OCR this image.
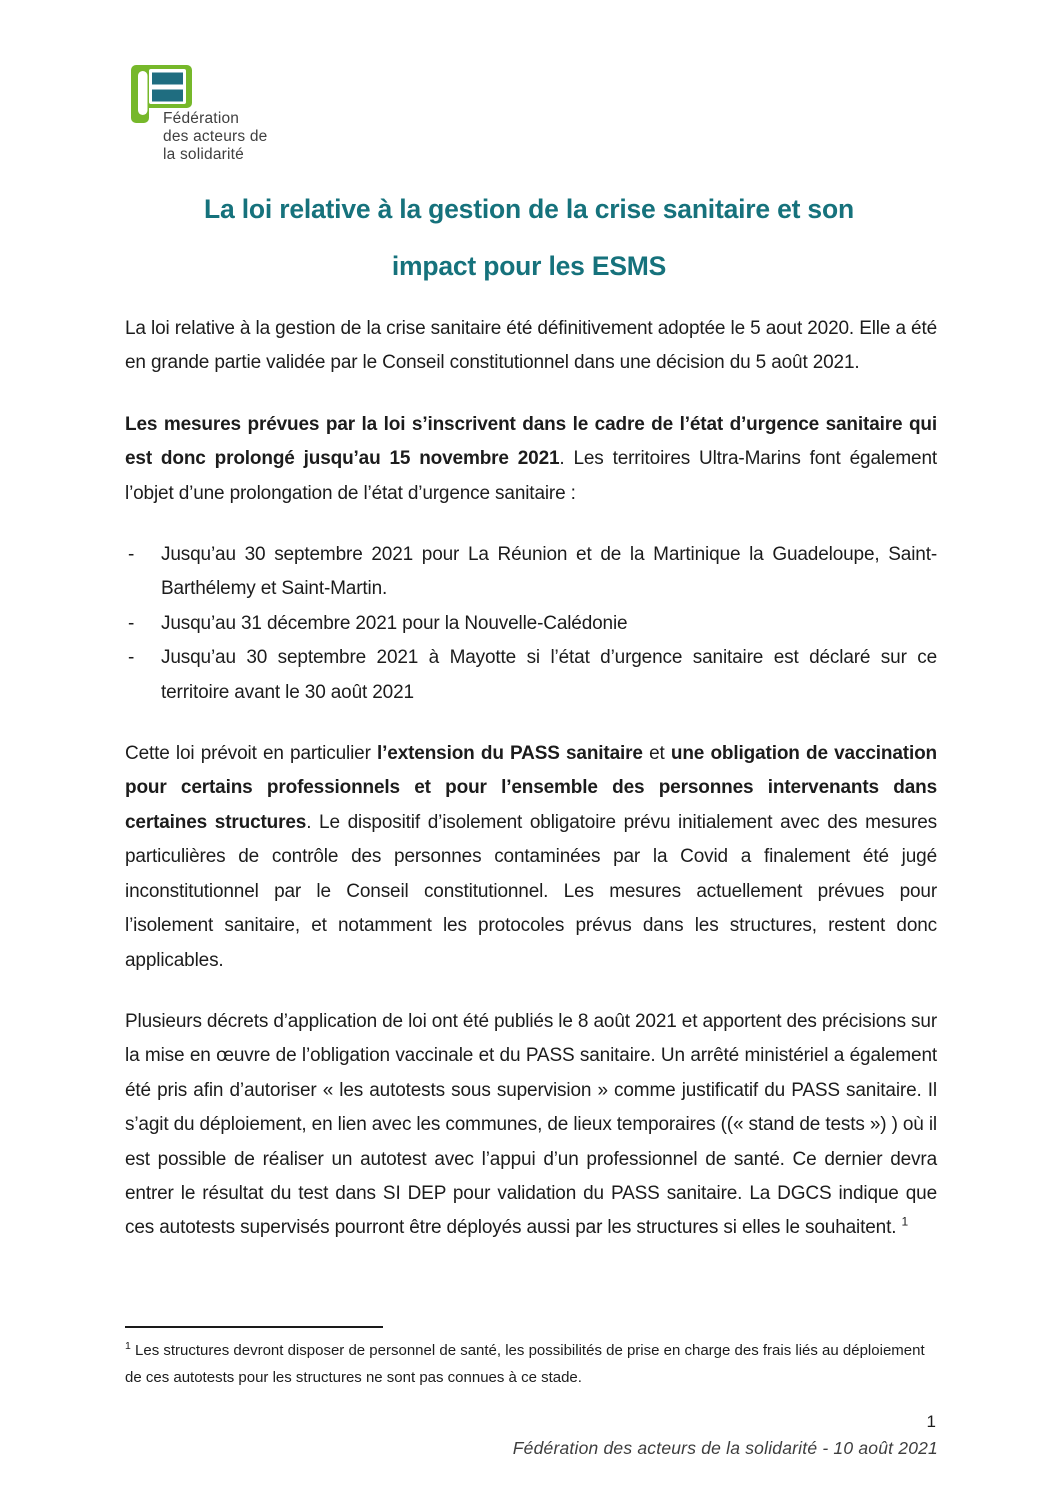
Fédération
des acteurs de
la solidarité
La loi relative à la gestion de la crise sanitaire et son
impact pour les ESMS

La loi relative à la gestion de la crise sanitaire été définitivement adoptée le 5 aout 2020. Elle a été en grande partie validée par le Conseil constitutionnel dans une décision du 5 août 2021.

Les mesures prévues par la loi s’inscrivent dans le cadre de l’état d’urgence sanitaire qui est donc prolongé jusqu’au 15 novembre 2021. Les territoires Ultra-Marins font également l’objet d’une prolongation de l’état d’urgence sanitaire :

- Jusqu’au 30 septembre 2021 pour La Réunion et de la Martinique la Guadeloupe, Saint-Barthélemy et Saint-Martin.
- Jusqu’au 31 décembre 2021 pour la Nouvelle-Calédonie
- Jusqu’au 30 septembre 2021 à Mayotte si l’état d’urgence sanitaire est déclaré sur ce territoire avant le 30 août 2021

Cette loi prévoit en particulier l’extension du PASS sanitaire et une obligation de vaccination pour certains professionnels et pour l’ensemble des personnes intervenants dans certaines structures. Le dispositif d’isolement obligatoire prévu initialement avec des mesures particulières de contrôle des personnes contaminées par la Covid a finalement été jugé inconstitutionnel par le Conseil constitutionnel. Les mesures actuellement prévues pour l’isolement sanitaire, et notamment les protocoles prévus dans les structures, restent donc applicables.

Plusieurs décrets d’application de loi ont été publiés le 8 août 2021 et apportent des précisions sur la mise en œuvre de l’obligation vaccinale et du PASS sanitaire. Un arrêté ministériel a également été pris afin d’autoriser « les autotests sous supervision » comme justificatif du PASS sanitaire. Il s’agit du déploiement, en lien avec les communes, de lieux temporaires ((« stand de tests ») ) où il est possible de réaliser un autotest avec l’appui d’un professionnel de santé. Ce dernier devra entrer le résultat du test dans SI DEP pour validation du PASS sanitaire. La DGCS indique que ces autotests supervisés pourront être déployés aussi par les structures si elles le souhaitent. $^1$

$^1$ Les structures devront disposer de personnel de santé, les possibilités de prise en charge des frais liés au déploiement de ces autotests pour les structures ne sont pas connues à ce stade.
1
Fédération des acteurs de la solidarité - 10 août 2021
